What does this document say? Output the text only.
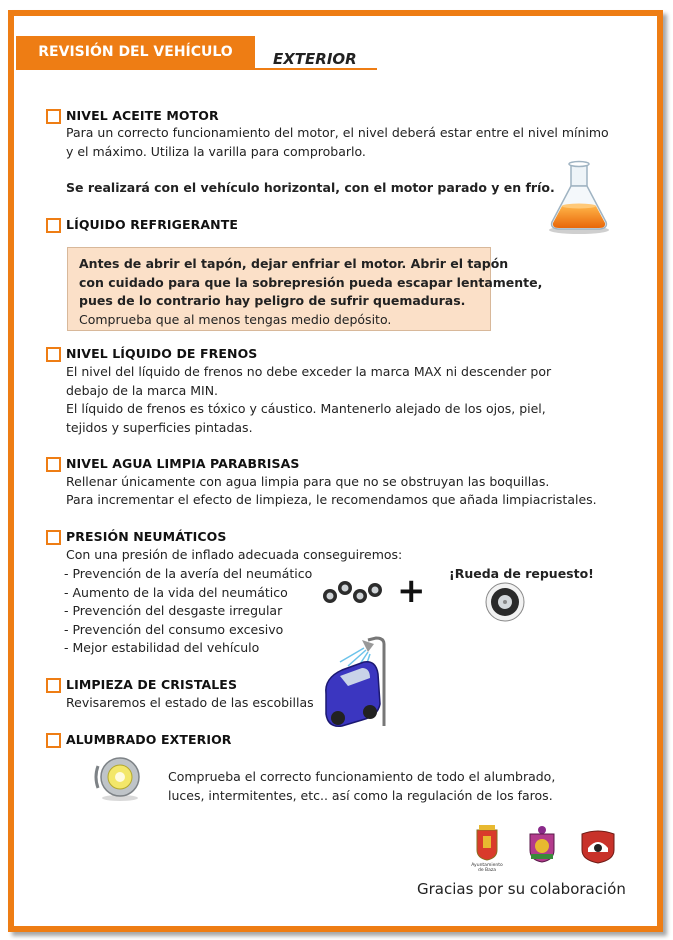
REVISIÓN DEL VEHÍCULO	EXTERIOR
NIVEL ACEITE MOTOR
Para un correcto funcionamiento del motor, el nivel deberá estar entre el nivel mínimo
y el máximo. Utiliza la varilla para comprobarlo.
Se realizará con el vehículo horizontal, con el motor parado y en frío.
LÍQUIDO REFRIGERANTE
Antes de abrir el tapón, dejar enfriar el motor. Abrir el tapón
con cuidado para que la sobrepresión pueda escapar lentamente,
pues de lo contrario hay peligro de sufrir quemaduras.
Comprueba que al menos tengas medio depósito.
NIVEL LÍQUIDO DE FRENOS
El nivel del líquido de frenos no debe exceder la marca MAX ni descender por
debajo de la marca MIN.
El líquido de frenos es tóxico y cáustico. Mantenerlo alejado de los ojos, piel,
tejidos y superficies pintadas.
NIVEL AGUA LIMPIA PARABRISAS
Rellenar únicamente con agua limpia para que no se obstruyan las boquillas.
Para incrementar el efecto de limpieza, le recomendamos que añada limpiacristales.
PRESIÓN NEUMÁTICOS
Con una presión de inflado adecuada conseguiremos:
- Prevención de la avería del neumático
- Aumento de la vida del neumático
- Prevención del desgaste irregular
- Prevención del consumo excesivo
- Mejor estabilidad del vehículo
+ ¡Rueda de repuesto!
LIMPIEZA DE CRISTALES
Revisaremos el estado de las escobillas
ALUMBRADO EXTERIOR
Comprueba el correcto funcionamiento de todo el alumbrado,
luces, intermitentes, etc.. así como la regulación de los faros.
Ayuntamiento
de Baza
Gracias por su colaboración
